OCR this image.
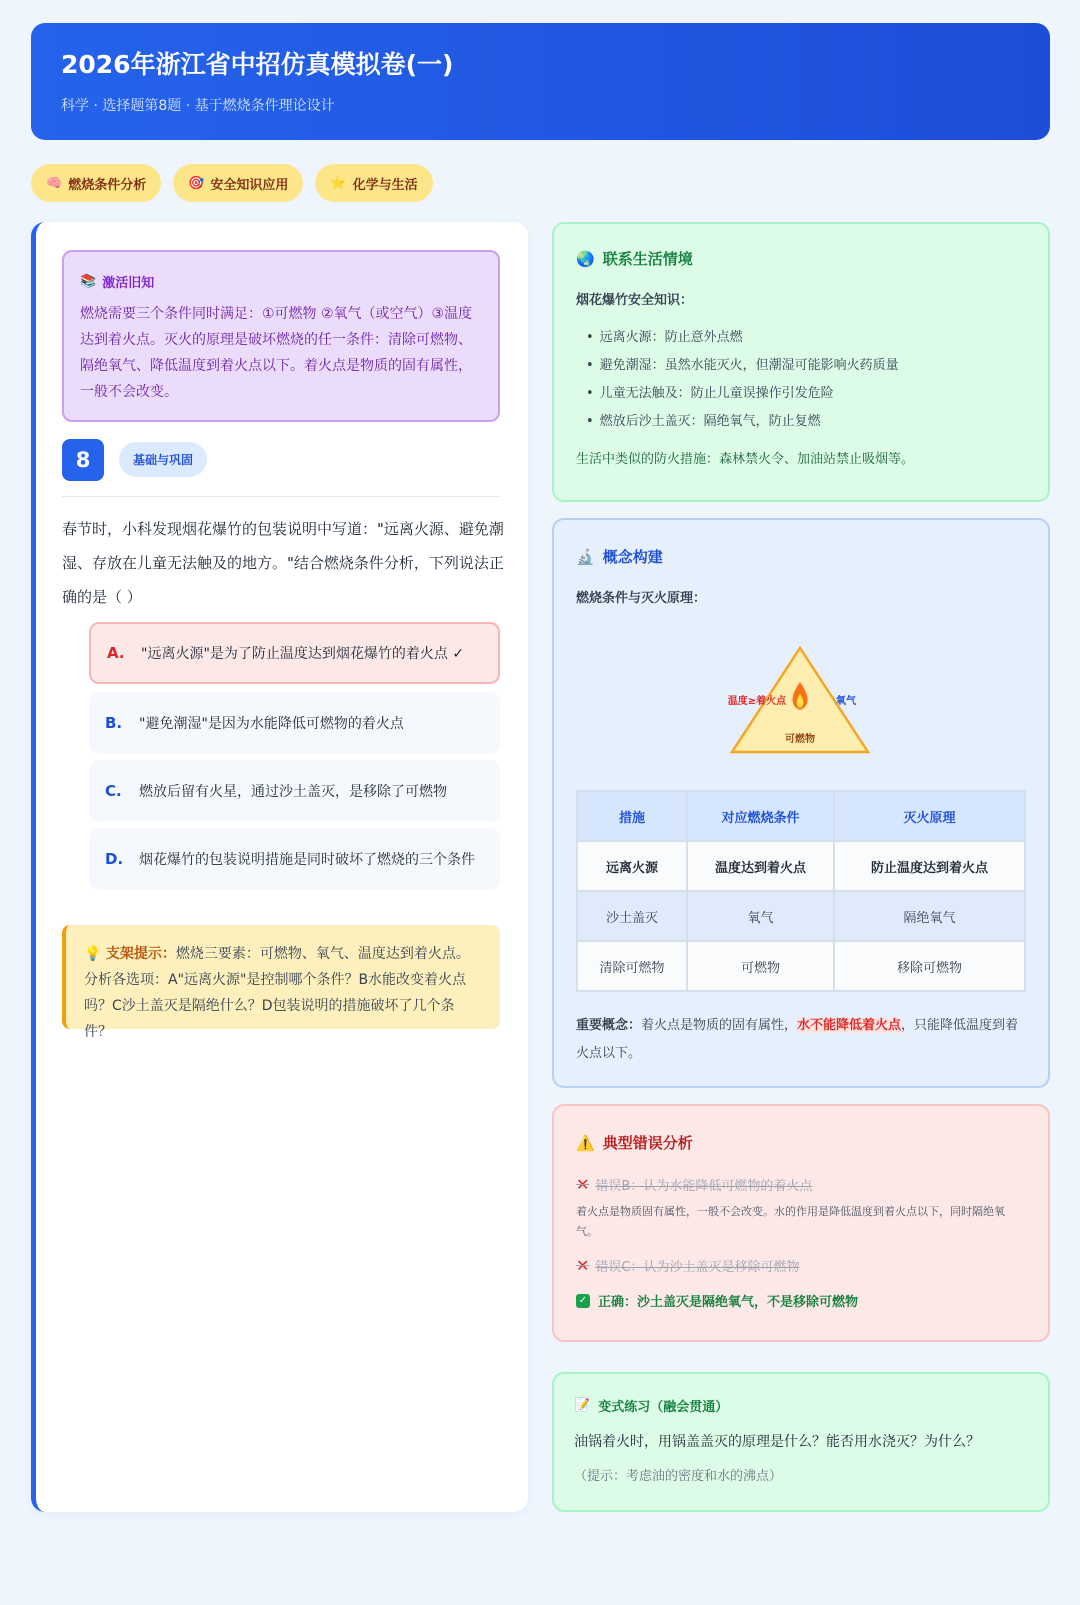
2026年浙江省中招仿真模拟卷(一)
科学 · 选择题第8题 · 基于燃烧条件理论设计
🧠 燃烧条件分析	🎯 安全知识应用	⭐ 化学与生活
📚 激活旧知
燃烧需要三个条件同时满足：①可燃物 ②氧气（或空气）③温度达到着火点。灭火的原理是破坏燃烧的任一条件：清除可燃物、隔绝氧气、降低温度到着火点以下。着火点是物质的固有属性，一般不会改变。
8	基础与巩固
春节时，小科发现烟花爆竹的包装说明中写道："远离火源、避免潮湿、存放在儿童无法触及的地方。"结合燃烧条件分析，下列说法正确的是（ ）
A.	"远离火源"是为了防止温度达到烟花爆竹的着火点 ✓
B.	"避免潮湿"是因为水能降低可燃物的着火点
C.	燃放后留有火星，通过沙土盖灭，是移除了可燃物
D.	烟花爆竹的包装说明措施是同时破坏了燃烧的三个条件
💡 支架提示：燃烧三要素：可燃物、氧气、温度达到着火点。分析各选项：A"远离火源"是控制哪个条件？B水能改变着火点吗？C沙土盖灭是隔绝什么？D包装说明的措施破坏了几个条件？
🌏 联系生活情境
烟花爆竹安全知识：
• 远离火源：防止意外点燃
• 避免潮湿：虽然水能灭火，但潮湿可能影响火药质量
• 儿童无法触及：防止儿童误操作引发危险
• 燃放后沙土盖灭：隔绝氧气，防止复燃
生活中类似的防火措施：森林禁火令、加油站禁止吸烟等。
🔬 概念构建
燃烧条件与灭火原理：
温度≥着火点	氧气
可燃物
措施	对应燃烧条件	灭火原理
远离火源	温度达到着火点	防止温度达到着火点
沙土盖灭	氧气	隔绝氧气
清除可燃物	可燃物	移除可燃物
重要概念：着火点是物质的固有属性，水不能降低着火点，只能降低温度到着火点以下。
⚠️ 典型错误分析
✕ 错误B：认为水能降低可燃物的着火点
着火点是物质固有属性，一般不会改变。水的作用是降低温度到着火点以下，同时隔绝氧气。
✕ 错误C：认为沙土盖灭是移除可燃物
✓ 正确：沙土盖灭是隔绝氧气，不是移除可燃物
📝 变式练习（融会贯通）
油锅着火时，用锅盖盖灭的原理是什么？能否用水浇灭？为什么？
（提示：考虑油的密度和水的沸点）
